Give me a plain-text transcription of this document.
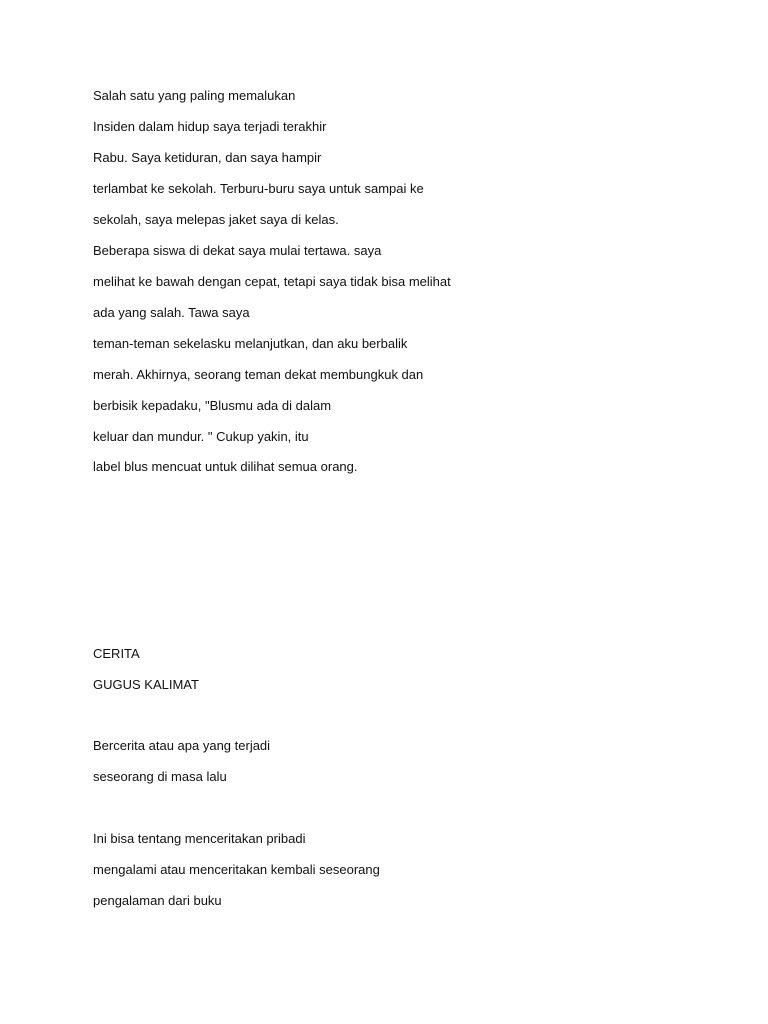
Salah satu yang paling memalukan
Insiden dalam hidup saya terjadi terakhir
Rabu. Saya ketiduran, dan saya hampir
terlambat ke sekolah. Terburu-buru saya untuk sampai ke
sekolah, saya melepas jaket saya di kelas.
Beberapa siswa di dekat saya mulai tertawa. saya
melihat ke bawah dengan cepat, tetapi saya tidak bisa melihat
ada yang salah. Tawa saya
teman-teman sekelasku melanjutkan, dan aku berbalik
merah. Akhirnya, seorang teman dekat membungkuk dan
berbisik kepadaku, "Blusmu ada di dalam
keluar dan mundur. " Cukup yakin, itu
label blus mencuat untuk dilihat semua orang.
CERITA
GUGUS KALIMAT
Bercerita atau apa yang terjadi
seseorang di masa lalu
Ini bisa tentang menceritakan pribadi
mengalami atau menceritakan kembali seseorang
pengalaman dari buku
